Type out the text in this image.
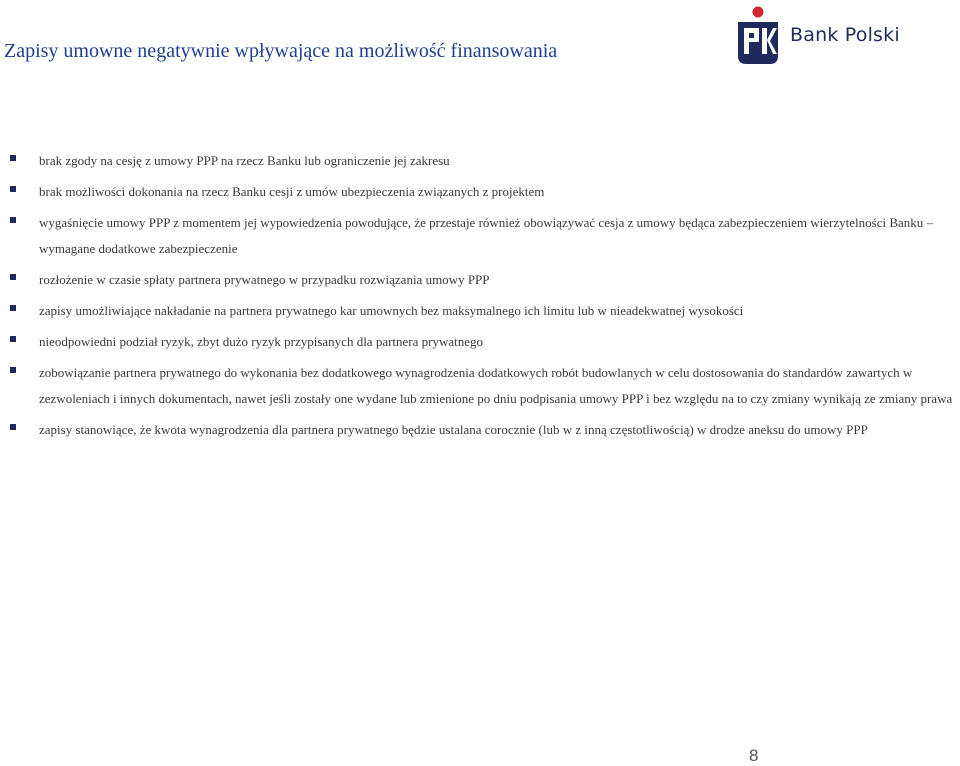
Zapisy umowne negatywnie wpływające na możliwość finansowania
Bank Polski
brak zgody na cesję z umowy PPP na rzecz Banku lub ograniczenie jej zakresu
brak możliwości dokonania na rzecz Banku cesji z umów ubezpieczenia związanych z projektem
wygaśnięcie umowy PPP z momentem jej wypowiedzenia powodujące, że przestaje również obowiązywać cesja z umowy będąca zabezpieczeniem wierzytelności Banku – wymagane dodatkowe zabezpieczenie
rozłożenie w czasie spłaty partnera prywatnego w przypadku rozwiązania umowy PPP
zapisy umożliwiające nakładanie na partnera prywatnego kar umownych bez maksymalnego ich limitu lub w nieadekwatnej wysokości
nieodpowiedni podział ryzyk, zbyt dużo ryzyk przypisanych dla partnera prywatnego
zobowiązanie partnera prywatnego do wykonania bez dodatkowego wynagrodzenia dodatkowych robót budowlanych w celu dostosowania do standardów zawartych w zezwoleniach i innych dokumentach, nawet jeśli zostały one wydane lub zmienione po dniu podpisania umowy PPP i bez względu na to czy zmiany wynikają ze zmiany prawa
zapisy stanowiące, że kwota wynagrodzenia dla partnera prywatnego będzie ustalana corocznie (lub w z inną częstotliwością) w drodze aneksu do umowy PPP
8
